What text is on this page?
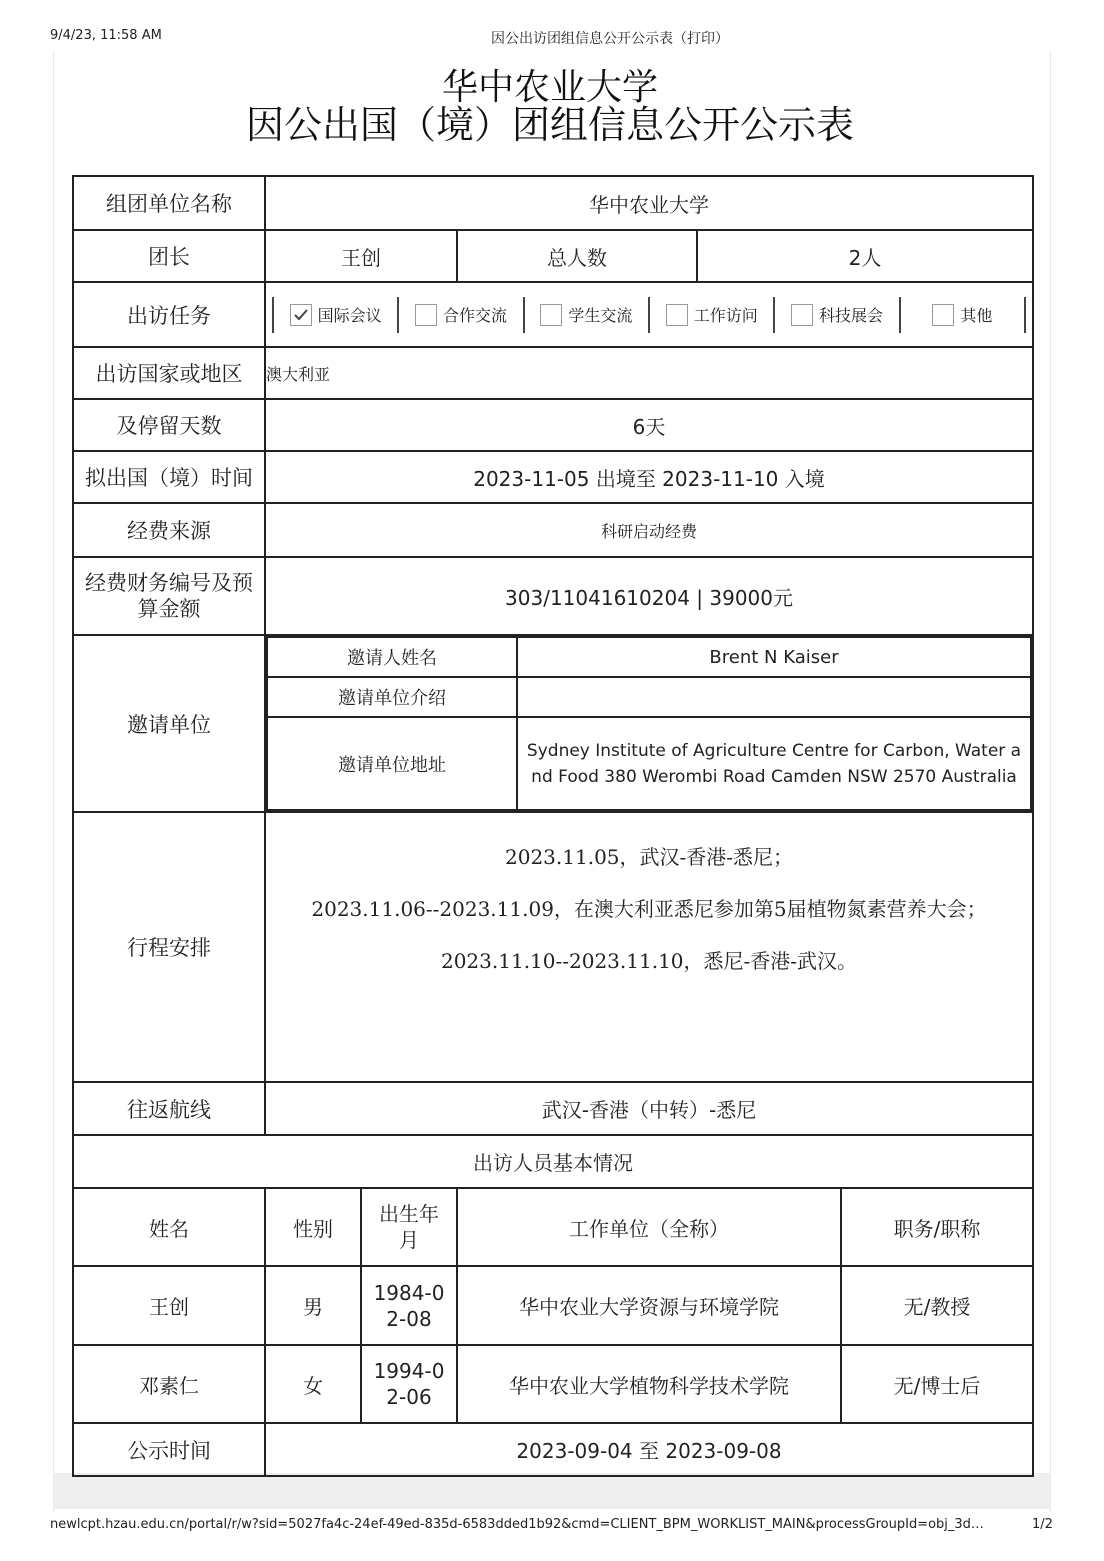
9/4/23, 11:58 AM	因公出访团组信息公开公示表（打印）
华中农业大学
因公出国（境）团组信息公开公示表
组团单位名称	华中农业大学
团长	王创	总人数	2人
出访任务	国际会议	合作交流	学生交流	工作访问	科技展会	其他

出访国家或地区	澳大利亚
及停留天数	6天
拟出国（境）时间	2023-11-05 出境至 2023-11-10 入境
经费来源	科研启动经费
经费财务编号及预算金额	303/11041610204 | 39000元
邀请单位	
邀请人姓名	Brent N Kaiser
邀请单位介绍	
邀请单位地址	Sydney Institute of Agriculture Centre for Carbon, Water and Food 380 Werombi Road Camden NSW 2570 Australia

行程安排	

2023.11.05，武汉-香港-悉尼；

2023.11.06--2023.11.09，在澳大利亚悉尼参加第5届植物氮素营养大会；

2023.11.10--2023.11.10，悉尼-香港-武汉。

往返航线	武汉-香港（中转）-悉尼
出访人员基本情况
姓名	性别	出生年月	工作单位（全称）	职务/职称
王创	男	1984-02-08	华中农业大学资源与环境学院	无/教授
邓素仁	女	1994-02-06	华中农业大学植物科学技术学院	无/博士后
公示时间	2023-09-04 至 2023-09-08
newlcpt.hzau.edu.cn/portal/r/w?sid=5027fa4c-24ef-49ed-835d-6583dded1b92&cmd=CLIENT_BPM_WORKLIST_MAIN&processGroupId=obj_3d…	1/2
